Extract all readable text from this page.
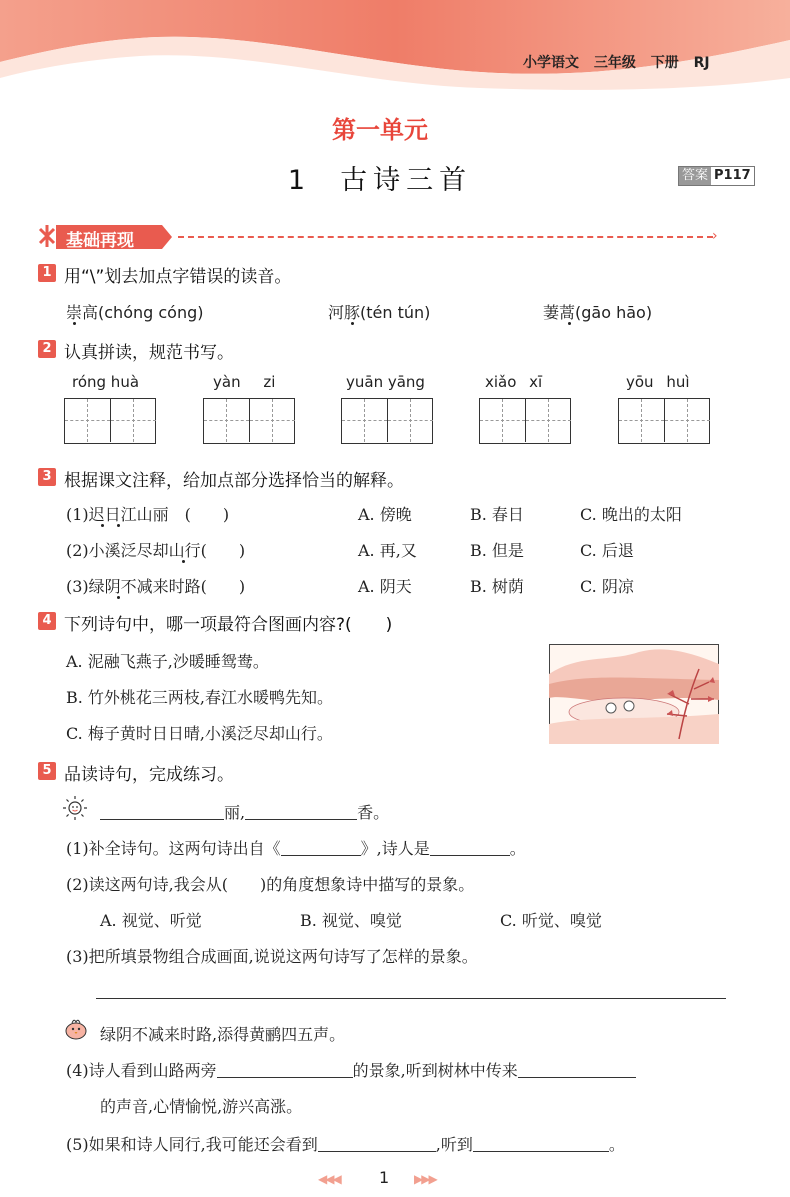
小学语文 三年级 下册 RJ
第一单元
1  古诗三首	答案 P117
基础再现	›
1 用“\”划去加点字错误的读音。
崇高(chóng cóng)	河豚(tén tún)	萋蒿(gāo hāo)
2 认真拼读，规范书写。
róng huà	yàn zi	yuān yāng	xiǎo xī	yōu huì
3 根据课文注释，给加点部分选择恰当的解释。
(1)迟日江山丽　(　　)	A. 傍晚	B. 春日	C. 晚出的太阳
(2)小溪泛尽却山行(　　)	A. 再,又	B. 但是	C. 后退
(3)绿阴不减来时路(　　)	A. 阴天	B. 树荫	C. 阴凉
4 下列诗句中，哪一项最符合图画内容?(　　)
A. 泥融飞燕子,沙暖睡鸳鸯。
B. 竹外桃花三两枝,春江水暖鸭先知。
C. 梅子黄时日日晴,小溪泛尽却山行。
5 品读诗句，完成练习。
丽,	香。
(1)补全诗句。这两句诗出自《	》,诗人是	。
(2)读这两句诗,我会从(　　)的角度想象诗中描写的景象。
A. 视觉、听觉	B. 视觉、嗅觉	C. 听觉、嗅觉
(3)把所填景物组合成画面,说说这两句诗写了怎样的景象。
绿阴不减来时路,添得黄鹂四五声。
(4)诗人看到山路两旁	的景象,听到树林中传来
的声音,心情愉悦,游兴高涨。
(5)如果和诗人同行,我可能还会看到	,听到	。
◀◀◀ 1 ▶▶▶
